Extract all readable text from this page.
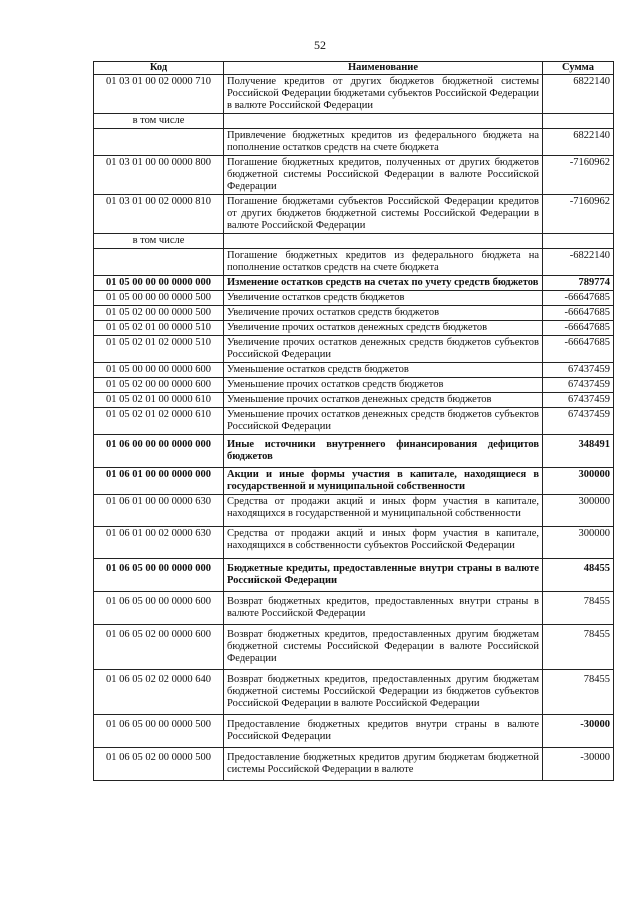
52
Код	Наименование	Сумма
01 03 01 00 02 0000 710	Получение кредитов от других бюджетов бюджетной системы Российской Федерации бюджетами субъектов Российской Федерации в валюте Российской Федерации	6822140
в том числе		
	Привлечение бюджетных кредитов из федерального бюджета на пополнение остатков средств на счете бюджета	6822140
01 03 01 00 00 0000 800	Погашение бюджетных кредитов, полученных от других бюджетов бюджетной системы Российской Федерации в валюте Российской Федерации	-7160962
01 03 01 00 02 0000 810	Погашение бюджетами субъектов Российской Федерации кредитов от других бюджетов бюджетной системы Российской Федерации в валюте Российской Федерации	-7160962
в том числе		
	Погашение бюджетных кредитов из федерального бюджета на пополнение остатков средств на счете бюджета	-6822140
01 05 00 00 00 0000 000	Изменение остатков средств на счетах по учету средств бюджетов	789774
01 05 00 00 00 0000 500	Увеличение остатков средств бюджетов	-66647685
01 05 02 00 00 0000 500	Увеличение прочих остатков средств бюджетов	-66647685
01 05 02 01 00 0000 510	Увеличение прочих остатков денежных средств бюджетов	-66647685
01 05 02 01 02 0000 510	Увеличение прочих остатков денежных средств бюджетов субъектов Российской Федерации	-66647685
01 05 00 00 00 0000 600	Уменьшение остатков средств бюджетов	67437459
01 05 02 00 00 0000 600	Уменьшение прочих остатков средств бюджетов	67437459
01 05 02 01 00 0000 610	Уменьшение прочих остатков денежных средств бюджетов	67437459
01 05 02 01 02 0000 610	Уменьшение прочих остатков денежных средств бюджетов субъектов Российской Федерации	67437459
01 06 00 00 00 0000 000	Иные источники внутреннего финансирования дефицитов бюджетов	348491
01 06 01 00 00 0000 000	Акции и иные формы участия в капитале, находящиеся в государственной и муниципальной собственности	300000
01 06 01 00 00 0000 630	Средства от продажи акций и иных форм участия в капитале, находящихся в государственной и муниципальной собственности	300000
01 06 01 00 02 0000 630	Средства от продажи акций и иных форм участия в капитале, находящихся в собственности субъектов Российской Федерации	300000
01 06 05 00 00 0000 000	Бюджетные кредиты, предоставленные внутри страны в валюте Российской Федерации	48455
01 06 05 00 00 0000 600	Возврат бюджетных кредитов, предоставленных внутри страны в валюте Российской Федерации	78455
01 06 05 02 00 0000 600	Возврат бюджетных кредитов, предоставленных другим бюджетам бюджетной системы Российской Федерации в валюте Российской Федерации	78455
01 06 05 02 02 0000 640	Возврат бюджетных кредитов, предоставленных другим бюджетам бюджетной системы Российской Федерации из бюджетов субъектов Российской Федерации в валюте Российской Федерации	78455
01 06 05 00 00 0000 500	Предоставление бюджетных кредитов внутри страны в валюте Российской Федерации	-30000
01 06 05 02 00 0000 500	Предоставление бюджетных кредитов другим бюджетам бюджетной системы Российской Федерации в валюте	-30000
